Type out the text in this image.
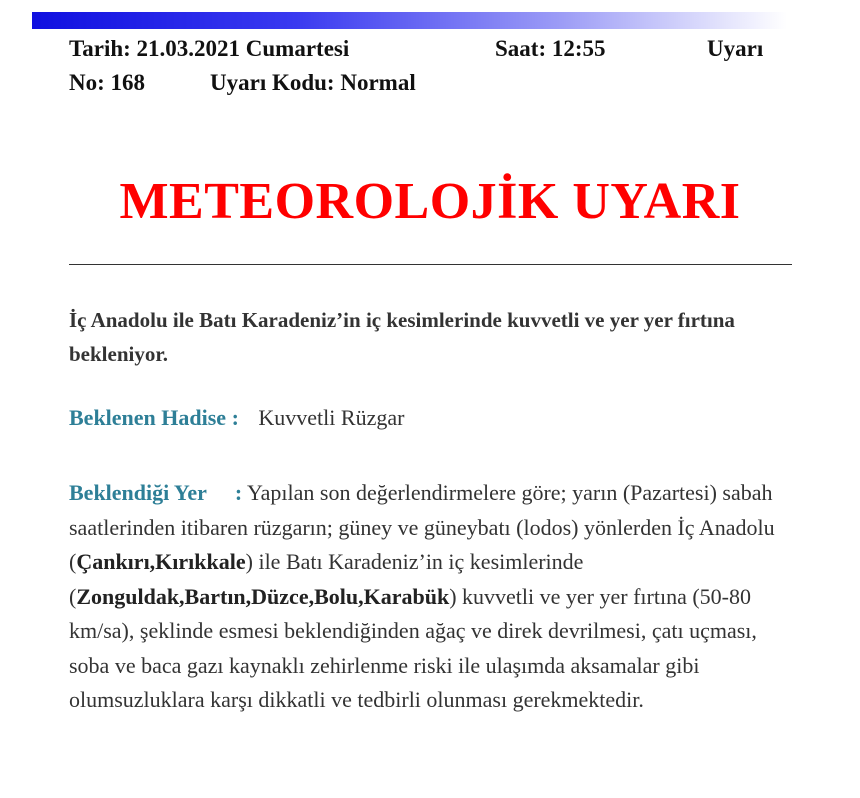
Tarih: 21.03.2021 Cumartesi	Saat: 12:55	Uyarı
No: 168	Uyarı Kodu: Normal
METEOROLOJİK UYARI
İç Anadolu ile Batı Karadeniz’in iç kesimlerinde kuvvetli ve yer yer fırtına bekleniyor.
Beklenen Hadise : Kuvvetli Rüzgar
Beklendiği Yer : Yapılan son değerlendirmelere göre; yarın (Pazartesi) sabah saatlerinden itibaren rüzgarın; güney ve güneybatı (lodos) yönlerden İç Anadolu (Çankırı,Kırıkkale) ile Batı Karadeniz’in iç kesimlerinde (Zonguldak,Bartın,Düzce,Bolu,Karabük) kuvvetli ve yer yer fırtına (50-80 km/sa), şeklinde esmesi beklendiğinden ağaç ve direk devrilmesi, çatı uçması, soba ve baca gazı kaynaklı zehirlenme riski ile ulaşımda aksamalar gibi olumsuzluklara karşı dikkatli ve tedbirli olunması gerekmektedir.
